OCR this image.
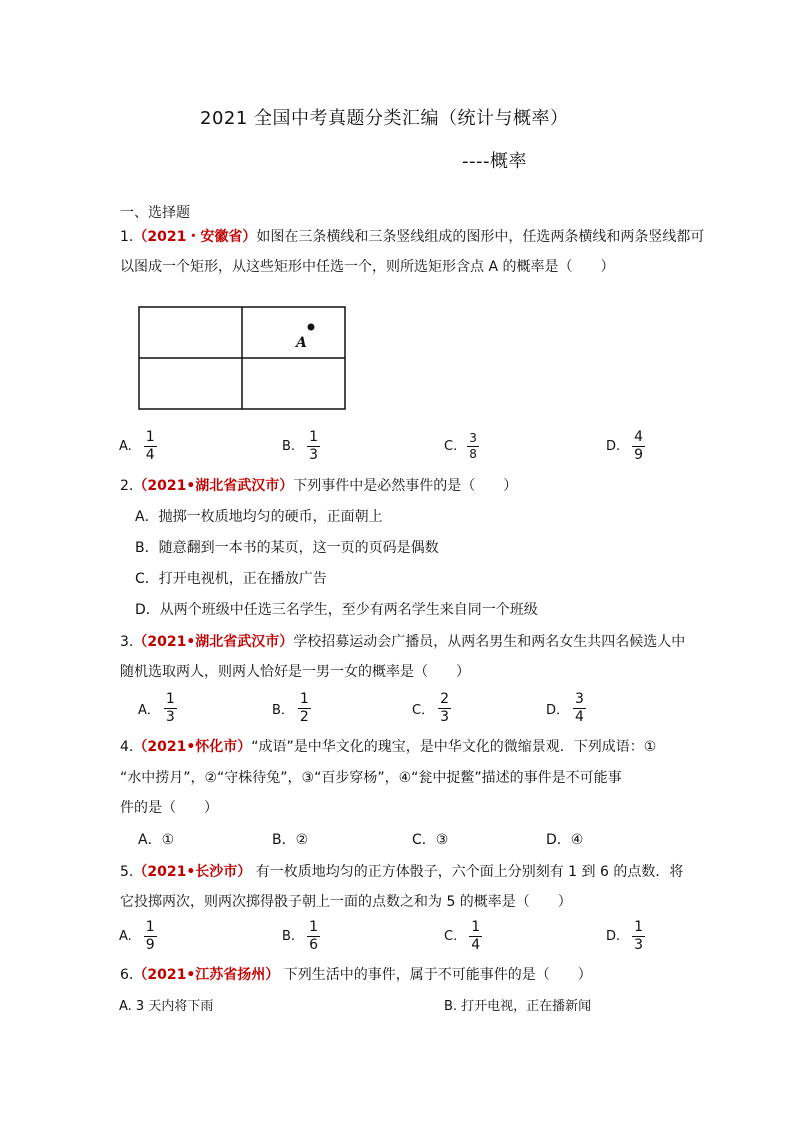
2021 全国中考真题分类汇编（统计与概率）
----概率
一、选择题
1.（2021・安徽省）如图在三条横线和三条竖线组成的图形中，任选两条横线和两条竖线都可
以图成一个矩形，从这些矩形中任选一个，则所选矩形含点 A 的概率是（　　）
A
A. $\frac{1}{4}$	B. $\frac{1}{3}$	C. $\frac{3}{8}$	D. $\frac{4}{9}$
2.（2021•湖北省武汉市）下列事件中是必然事件的是（　　）
A．抛掷一枚质地均匀的硬币，正面朝上
B．随意翻到一本书的某页，这一页的页码是偶数
C．打开电视机，正在播放广告
D．从两个班级中任选三名学生，至少有两名学生来自同一个班级
3.（2021•湖北省武汉市）学校招募运动会广播员，从两名男生和两名女生共四名候选人中
随机选取两人，则两人恰好是一男一女的概率是（　　）
A． $\frac{1}{3}$	B． $\frac{1}{2}$	C． $\frac{2}{3}$	D． $\frac{3}{4}$
4.（2021•怀化市）“成语”是中华文化的瑰宝，是中华文化的微缩景观．下列成语：①
“水中捞月”，②“守株待兔”，③“百步穿杨”，④“瓮中捉鳖”描述的事件是不可能事
件的是（　　）
A．①	B．②	C．③	D．④
5.（2021•长沙市） 有一枚质地均匀的正方体骰子，六个面上分别刻有 1 到 6 的点数．将
它投掷两次，则两次掷得骰子朝上一面的点数之和为 5 的概率是（　　）
A. $\frac{1}{9}$	B. $\frac{1}{6}$	C. $\frac{1}{4}$	D. $\frac{1}{3}$
6.（2021•江苏省扬州） 下列生活中的事件，属于不可能事件的是（　　）
A. 3 天内将下雨	B. 打开电视，正在播新闻
